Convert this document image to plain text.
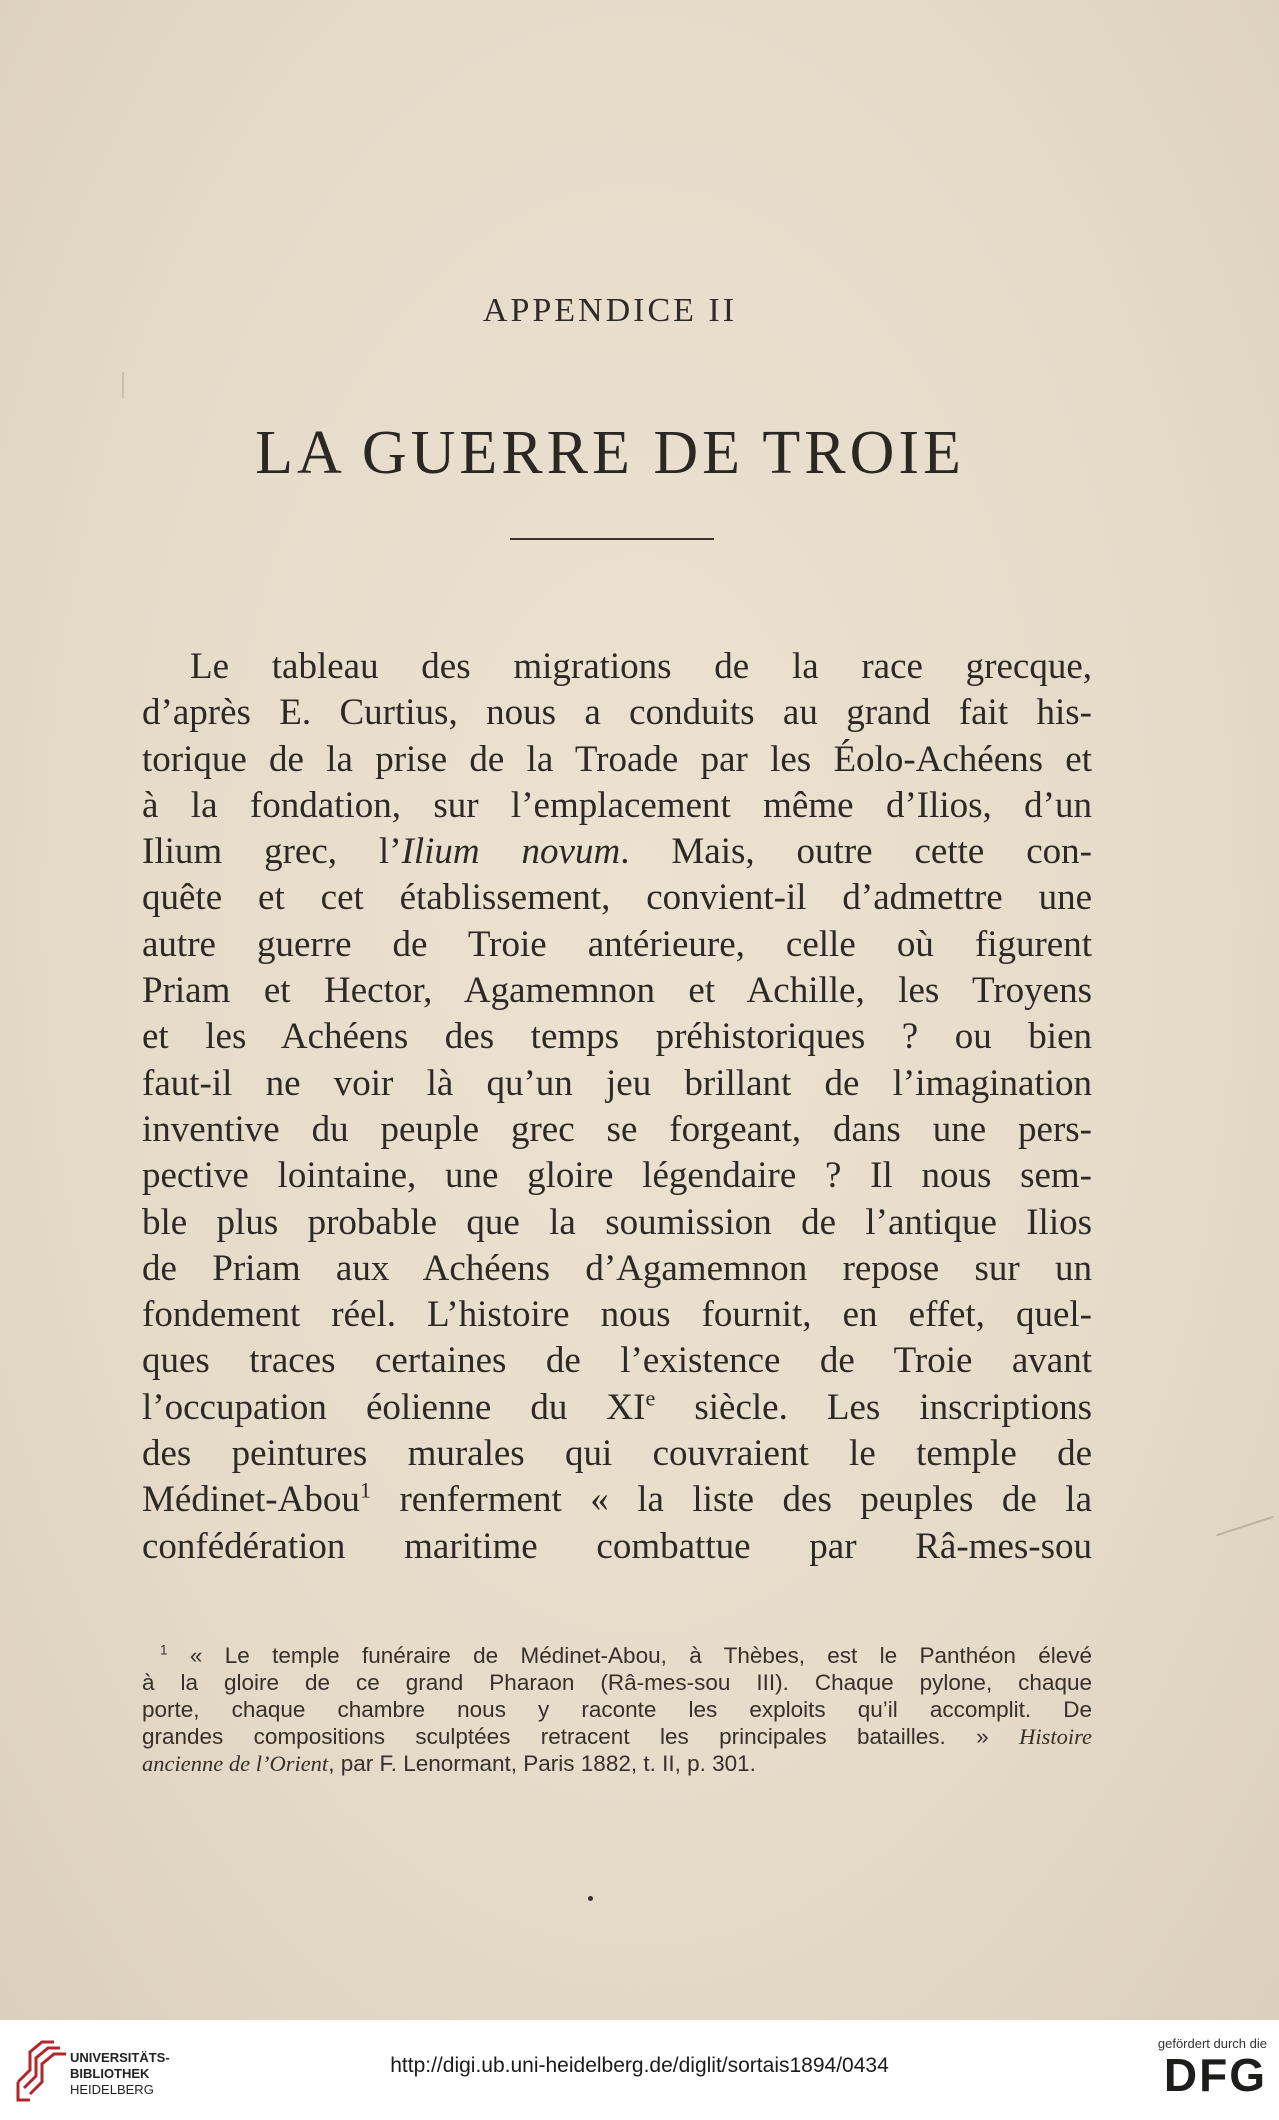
APPENDICE II
LA GUERRE DE TROIE
Le tableau des migrations de la race grecque,
d’après E. Curtius, nous a conduits au grand fait his-
torique de la prise de la Troade par les Éolo-Achéens et
à la fondation, sur l’emplacement même d’Ilios, d’un
Ilium grec, l’Ilium novum. Mais, outre cette con-
quête et cet établissement, convient-il d’admettre une
autre guerre de Troie antérieure, celle où figurent
Priam et Hector, Agamemnon et Achille, les Troyens
et les Achéens des temps préhistoriques ? ou bien
faut-il ne voir là qu’un jeu brillant de l’imagination
inventive du peuple grec se forgeant, dans une pers-
pective lointaine, une gloire légendaire ? Il nous sem-
ble plus probable que la soumission de l’antique Ilios
de Priam aux Achéens d’Agamemnon repose sur un
fondement réel. L’histoire nous fournit, en effet, quel-
ques traces certaines de l’existence de Troie avant
l’occupation éolienne du XIe siècle. Les inscriptions
des peintures murales qui couvraient le temple de
Médinet-Abou$^1$ renferment « la liste des peuples de la
confédération maritime combattue par Râ-mes-sou
$^1$ « Le temple funéraire de Médinet-Abou, à Thèbes, est le Panthéon élevé
à la gloire de ce grand Pharaon (Râ-mes-sou III). Chaque pylone, chaque
porte, chaque chambre nous y raconte les exploits qu’il accomplit. De
grandes compositions sculptées retracent les principales batailles. » Histoire
ancienne de l’Orient, par F. Lenormant, Paris 1882, t. II, p. 301.
UNIVERSITÄTS-
BIBLIOTHEK
HEIDELBERG
http://digi.ub.uni-heidelberg.de/diglit/sortais1894/0434
gefördert durch die
DFG
